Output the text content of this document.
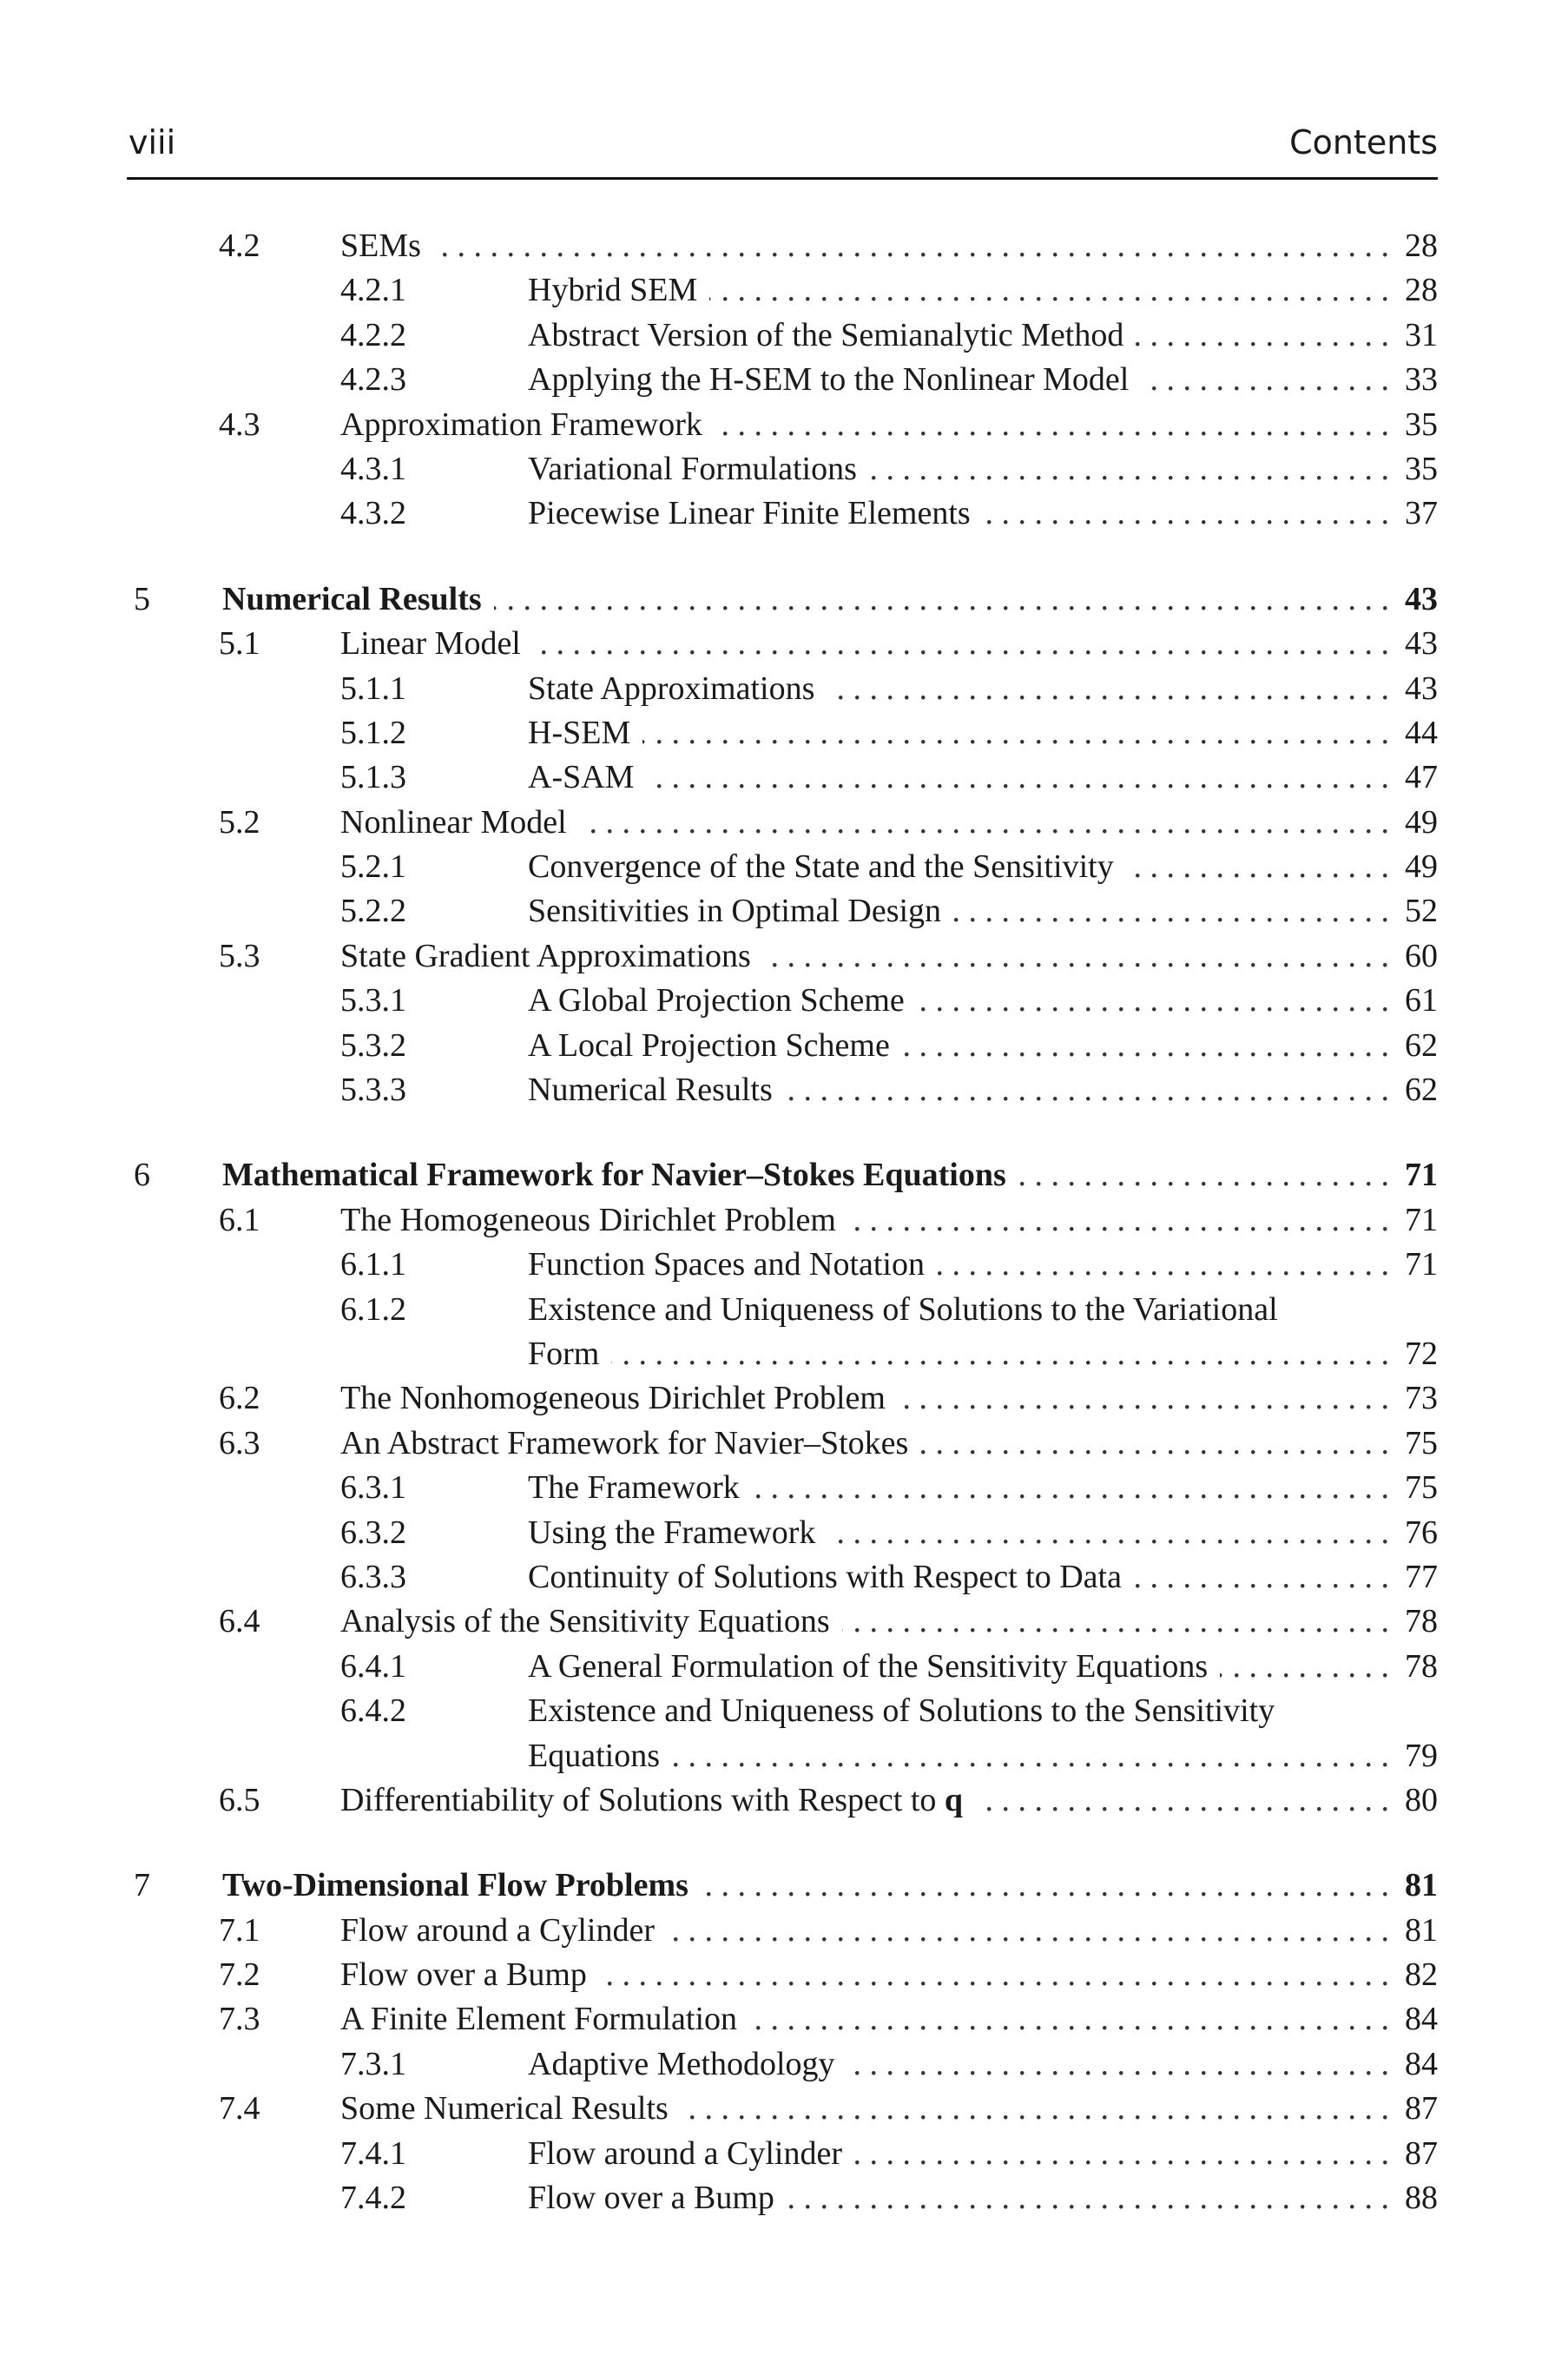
viii	Contents
4.2 SEMs . . .	28
4.2.1	Hybrid SEM . . .	28
4.2.2	Abstract Version of the Semianalytic Method . . .	31
4.2.3	Applying the H-SEM to the Nonlinear Model . . .	33
4.3 Approximation Framework . . .	35
4.3.1	Variational Formulations . . .	35
4.3.2	Piecewise Linear Finite Elements . . .	37
5 Numerical Results . . .	43
5.1 Linear Model . . .	43
5.1.1	State Approximations . . .	43
5.1.2	H-SEM . . .	44
5.1.3	A-SAM . . .	47
5.2 Nonlinear Model . . .	49
5.2.1	Convergence of the State and the Sensitivity . . .	49
5.2.2	Sensitivities in Optimal Design . . .	52
5.3 State Gradient Approximations . . .	60
5.3.1	A Global Projection Scheme . . .	61
5.3.2	A Local Projection Scheme . . .	62
5.3.3	Numerical Results . . .	62
6 Mathematical Framework for Navier–Stokes Equations . . .	71
6.1 The Homogeneous Dirichlet Problem . . .	71
6.1.1	Function Spaces and Notation . . .	71
6.1.2	Existence and Uniqueness of Solutions to the Variational
Form . . .	72
6.2 The Nonhomogeneous Dirichlet Problem . . .	73
6.3 An Abstract Framework for Navier–Stokes . . .	75
6.3.1	The Framework . . .	75
6.3.2	Using the Framework . . .	76
6.3.3	Continuity of Solutions with Respect to Data . . .	77
6.4 Analysis of the Sensitivity Equations . . .	78
6.4.1	A General Formulation of the Sensitivity Equations . . .	78
6.4.2	Existence and Uniqueness of Solutions to the Sensitivity
Equations . . .	79
6.5 Differentiability of Solutions with Respect to q . . .	80
7 Two-Dimensional Flow Problems . . .	81
7.1 Flow around a Cylinder . . .	81
7.2 Flow over a Bump . . .	82
7.3 A Finite Element Formulation . . .	84
7.3.1	Adaptive Methodology . . .	84
7.4 Some Numerical Results . . .	87
7.4.1	Flow around a Cylinder . . .	87
7.4.2	Flow over a Bump . . .	88
